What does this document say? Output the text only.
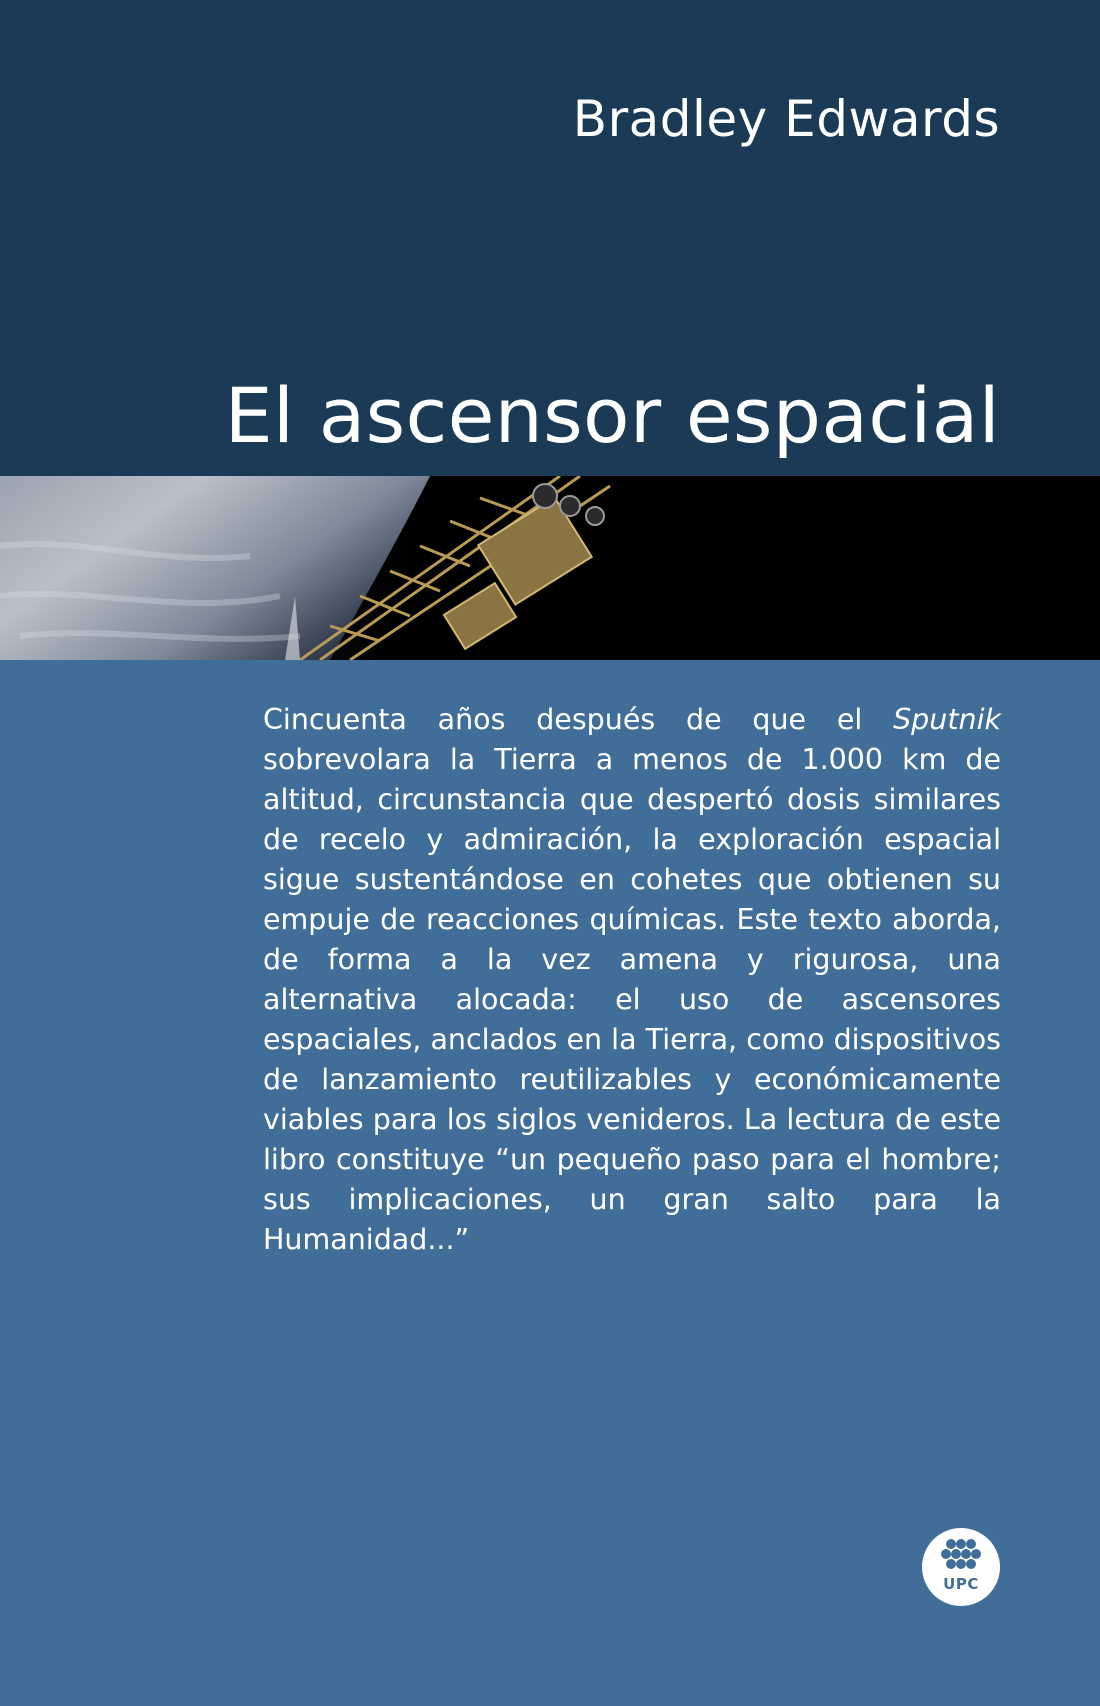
Bradley Edwards
El ascensor espacial
Cincuenta años después de que el Sputnik sobrevolara la Tierra a menos de 1.000 km de altitud, circunstancia que despertó dosis similares de recelo y admiración, la exploración espacial sigue sustentándose en cohetes que obtienen su empuje de reacciones químicas. Este texto aborda, de forma a la vez amena y rigurosa, una alternativa alocada: el uso de ascensores espaciales, anclados en la Tierra, como dispositivos de lanzamiento reutilizables y económicamente viables para los siglos venideros. La lectura de este libro constituye “un pequeño paso para el hombre; sus implicaciones, un gran salto para la Humanidad...”
UPC
